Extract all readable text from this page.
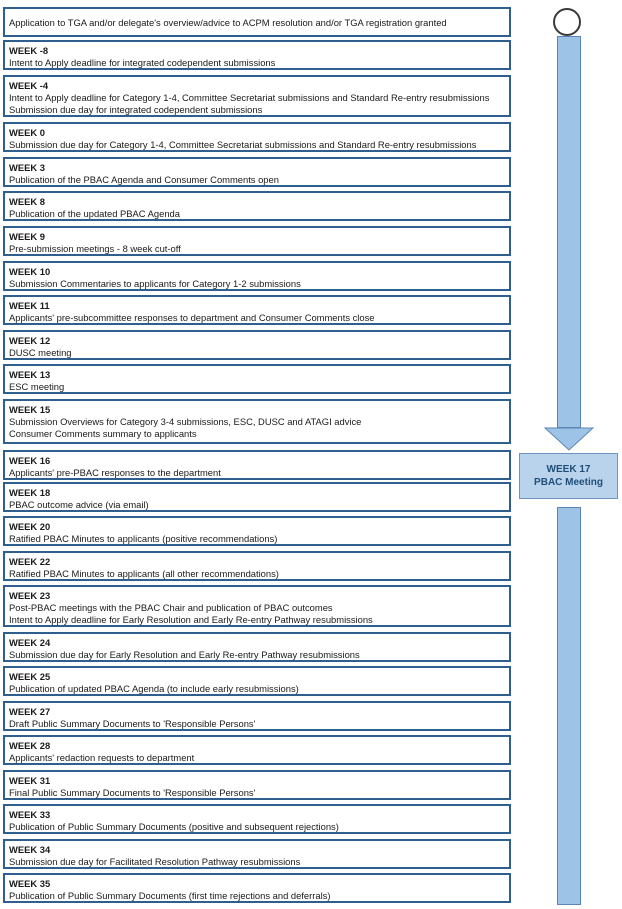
Application to TGA and/or delegate's overview/advice to ACPM resolution and/or TGA registration granted
WEEK -8
Intent to Apply deadline for integrated codependent submissions
WEEK -4
Intent to Apply deadline for Category 1-4, Committee Secretariat submissions and Standard Re-entry resubmissions
Submission due day for integrated codependent submissions
WEEK 0
Submission due day for Category 1-4, Committee Secretariat submissions and Standard Re-entry resubmissions
WEEK 3
Publication of the PBAC Agenda and Consumer Comments open
WEEK 8
Publication of the updated PBAC Agenda
WEEK 9
Pre-submission meetings - 8 week cut-off
WEEK 10
Submission Commentaries to applicants for Category 1-2 submissions
WEEK 11
Applicants' pre-subcommittee responses to department and Consumer Comments close
WEEK 12
DUSC meeting
WEEK 13
ESC meeting
WEEK 15
Submission Overviews for Category 3-4 submissions, ESC, DUSC and ATAGI advice
Consumer Comments summary to applicants
WEEK 16
Applicants' pre-PBAC responses to the department
WEEK 18
PBAC outcome advice (via email)
WEEK 20
Ratified PBAC Minutes to applicants (positive recommendations)
WEEK 22
Ratified PBAC Minutes to applicants (all other recommendations)
WEEK 23
Post-PBAC meetings with the PBAC Chair and publication of PBAC outcomes
Intent to Apply deadline for Early Resolution and Early Re-entry Pathway resubmissions
WEEK 24
Submission due day for Early Resolution and Early Re-entry Pathway resubmissions
WEEK 25
Publication of updated PBAC Agenda (to include early resubmissions)
WEEK 27
Draft Public Summary Documents to 'Responsible Persons'
WEEK 28
Applicants' redaction requests to department
WEEK 31
Final Public Summary Documents to 'Responsible Persons'
WEEK 33
Publication of Public Summary Documents (positive and subsequent rejections)
WEEK 34
Submission due day for Facilitated Resolution Pathway resubmissions
WEEK 35
Publication of Public Summary Documents (first time rejections and deferrals)
WEEK 17
PBAC Meeting
